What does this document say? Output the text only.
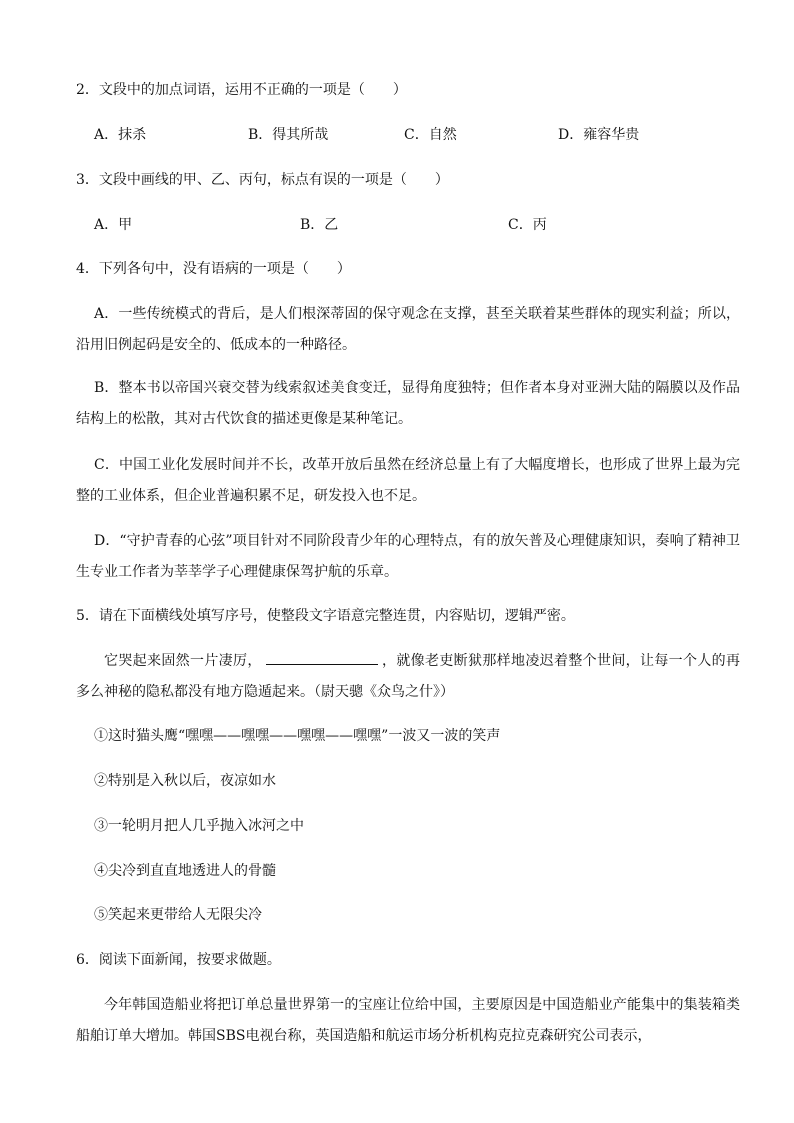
2．文段中的加点词语，运用不正确的一项是（　　）
A．抹杀	B．得其所哉	C．自然	D．雍容华贵
3．文段中画线的甲、乙、丙句，标点有误的一项是（　　）
A．甲	B．乙	C．丙
4．下列各句中，没有语病的一项是（　　）
A．一些传统模式的背后，是人们根深蒂固的保守观念在支撑，甚至关联着某些群体的现实利益；所以，沿用旧例起码是安全的、低成本的一种路径。
B．整本书以帝国兴衰交替为线索叙述美食变迁，显得角度独特；但作者本身对亚洲大陆的隔膜以及作品结构上的松散，其对古代饮食的描述更像是某种笔记。
C．中国工业化发展时间并不长，改革开放后虽然在经济总量上有了大幅度增长，也形成了世界上最为完整的工业体系，但企业普遍积累不足，研发投入也不足。
D．“守护青春的心弦”项目针对不同阶段青少年的心理特点，有的放矢普及心理健康知识，奏响了精神卫生专业工作者为莘莘学子心理健康保驾护航的乐章。
5．请在下面横线处填写序号，使整段文字语意完整连贯，内容贴切，逻辑严密。
它哭起来固然一片凄厉，	，就像老吏断狱那样地凌迟着整个世间，让每一个人的再多么神秘的隐私都没有地方隐遁起来。（尉天骢《众鸟之什》）
①这时猫头鹰“嘿嘿——嘿嘿——嘿嘿——嘿嘿”一波又一波的笑声
②特别是入秋以后，夜凉如水
③一轮明月把人几乎抛入冰河之中
④尖冷到直直地透进人的骨髓
⑤笑起来更带给人无限尖冷
6．阅读下面新闻，按要求做题。
今年韩国造船业将把订单总量世界第一的宝座让位给中国，主要原因是中国造船业产能集中的集装箱类船舶订单大增加。韩国SBS电视台称，英国造船和航运市场分析机构克拉克森研究公司表示，
